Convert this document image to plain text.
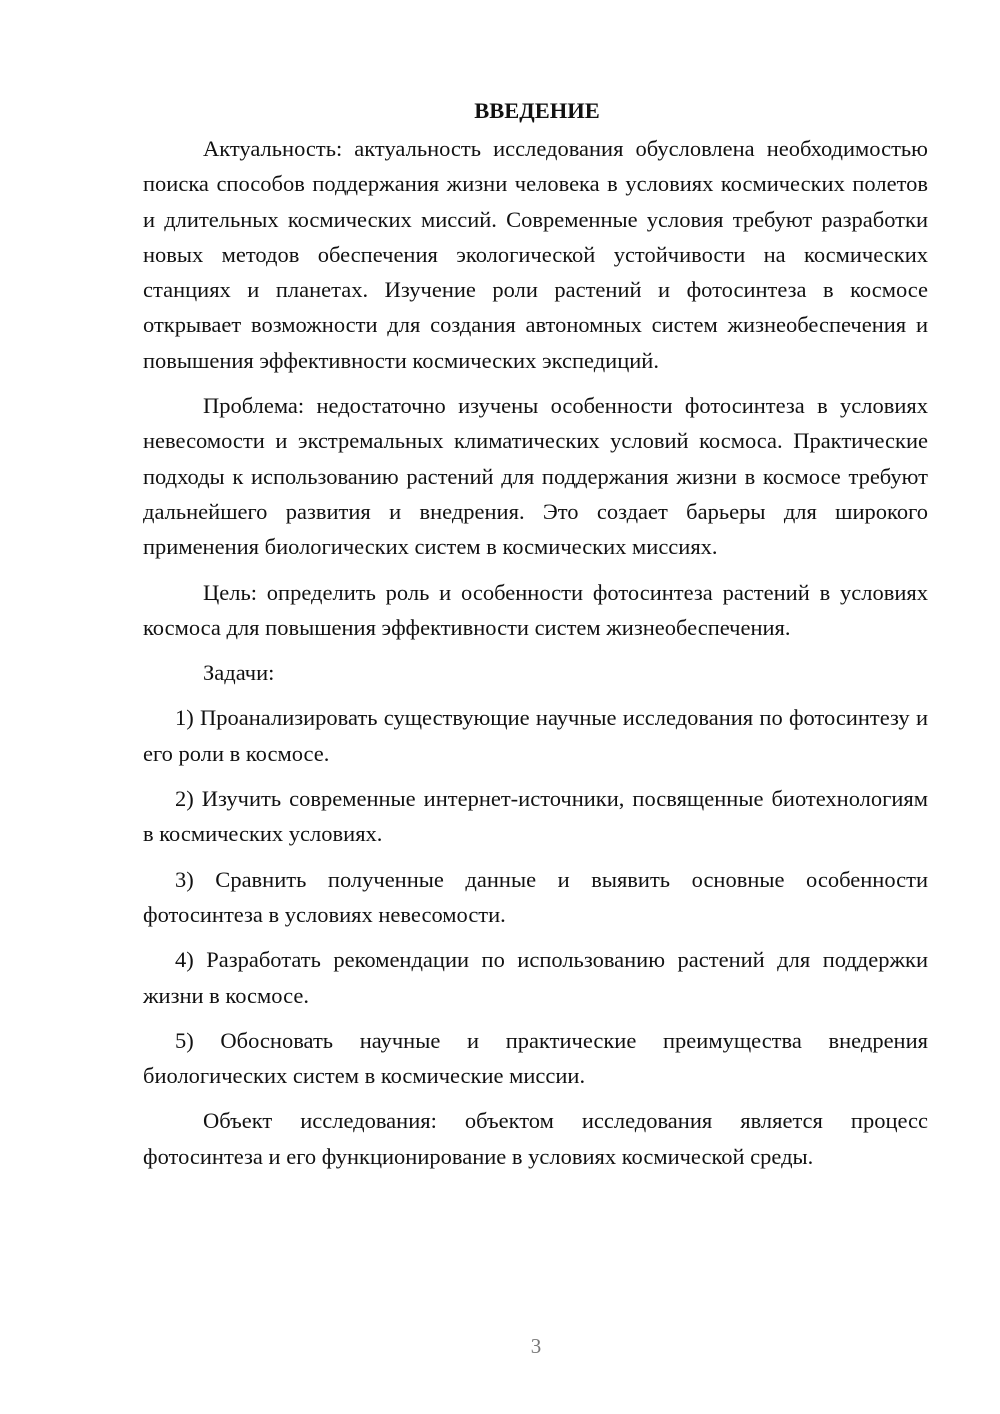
ВВЕДЕНИЕ

Актуальность: актуальность исследования обусловлена необходимостью поиска способов поддержания жизни человека в условиях космических полетов и длительных космических миссий. Современные условия требуют разработки новых методов обеспечения экологической устойчивости на космических станциях и планетах. Изучение роли растений и фотосинтеза в космосе открывает возможности для создания автономных систем жизнеобеспечения и повышения эффективности космических экспедиций.

Проблема: недостаточно изучены особенности фотосинтеза в условиях невесомости и экстремальных климатических условий космоса. Практические подходы к использованию растений для поддержания жизни в космосе требуют дальнейшего развития и внедрения. Это создает барьеры для широкого применения биологических систем в космических миссиях.

Цель: определить роль и особенности фотосинтеза растений в условиях космоса для повышения эффективности систем жизнеобеспечения.

Задачи:

1) Проанализировать существующие научные исследования по фотосинтезу и его роли в космосе.

2) Изучить современные интернет-источники, посвященные биотехнологиям в космических условиях.

3) Сравнить полученные данные и выявить основные особенности фотосинтеза в условиях невесомости.

4) Разработать рекомендации по использованию растений для поддержки жизни в космосе.

5) Обосновать научные и практические преимущества внедрения биологических систем в космические миссии.

Объект исследования: объектом исследования является процесс фотосинтеза и его функционирование в условиях космической среды.

3
